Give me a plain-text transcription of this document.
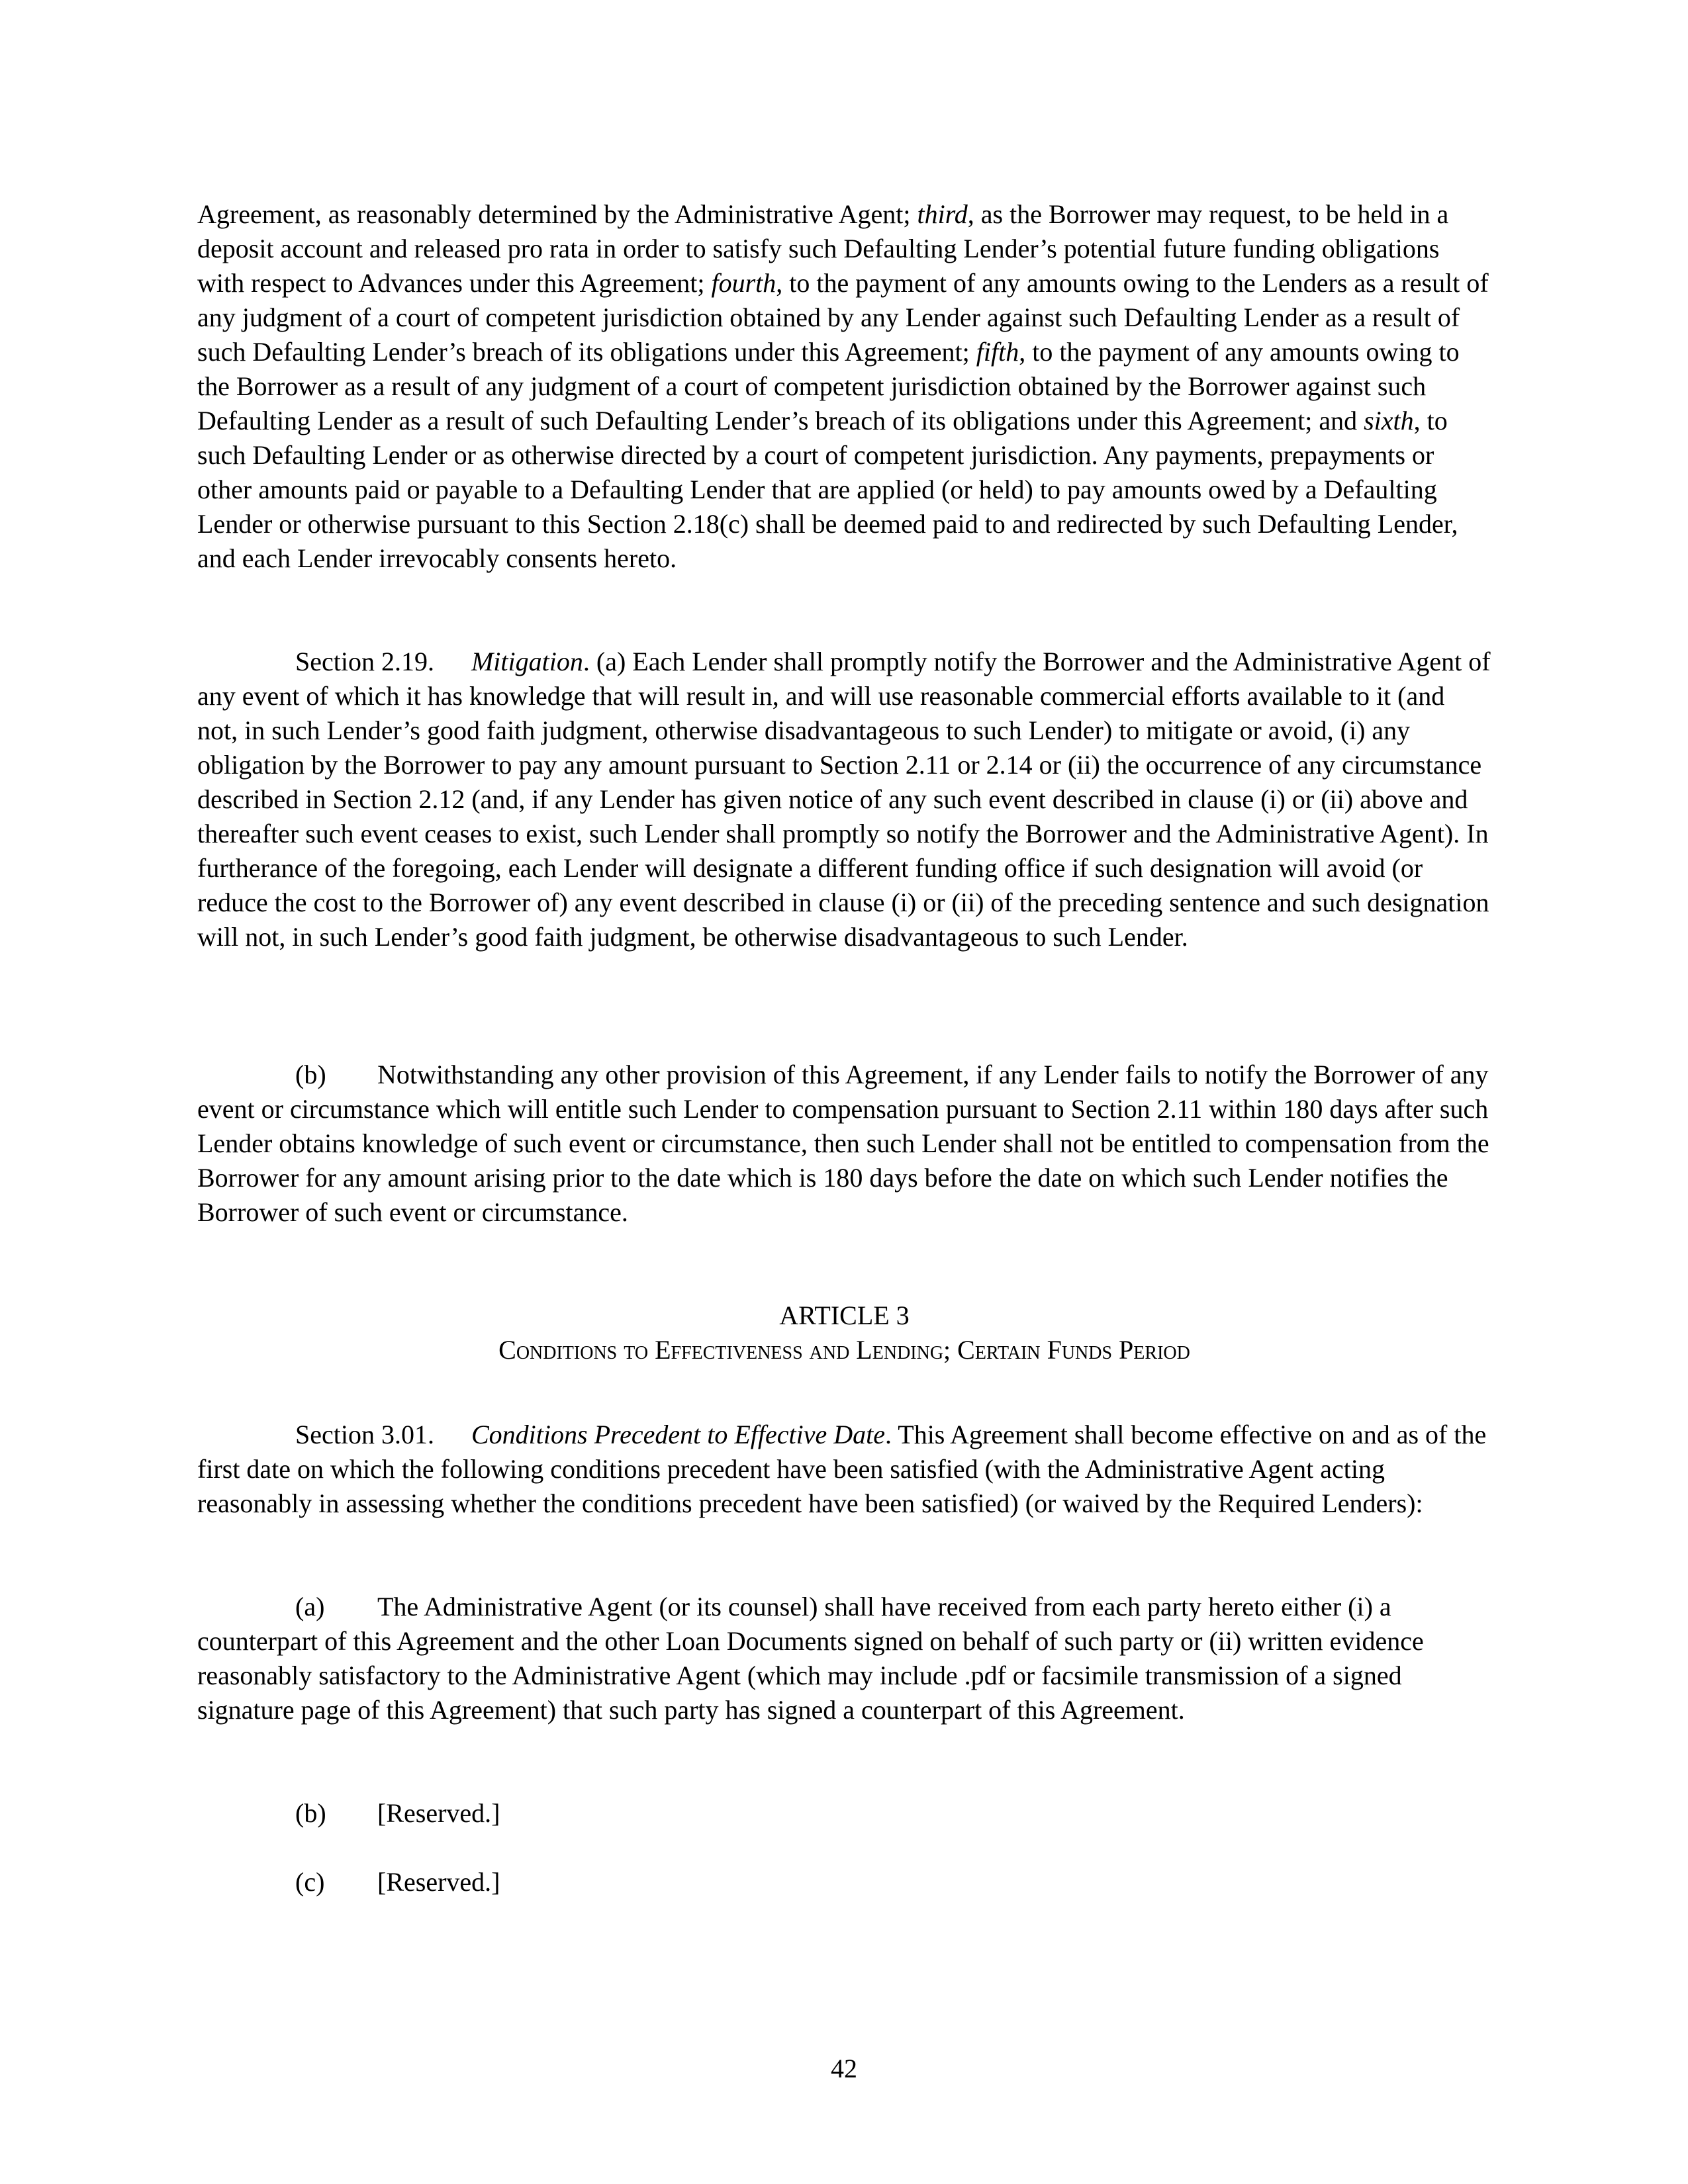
Agreement, as reasonably determined by the Administrative Agent; third, as the Borrower may request, to be held in a deposit account and released pro rata in order to satisfy such Defaulting Lender’s potential future funding obligations with respect to Advances under this Agreement; fourth, to the payment of any amounts owing to the Lenders as a result of any judgment of a court of competent jurisdiction obtained by any Lender against such Defaulting Lender as a result of such Defaulting Lender’s breach of its obligations under this Agreement; fifth, to the payment of any amounts owing to the Borrower as a result of any judgment of a court of competent jurisdiction obtained by the Borrower against such Defaulting Lender as a result of such Defaulting Lender’s breach of its obligations under this Agreement; and sixth, to such Defaulting Lender or as otherwise directed by a court of competent jurisdiction. Any payments, prepayments or other amounts paid or payable to a Defaulting Lender that are applied (or held) to pay amounts owed by a Defaulting Lender or otherwise pursuant to this Section 2.18(c) shall be deemed paid to and redirected by such Defaulting Lender, and each Lender irrevocably consents hereto.

Section 2.19. Mitigation. (a) Each Lender shall promptly notify the Borrower and the Administrative Agent of any event of which it has knowledge that will result in, and will use reasonable commercial efforts available to it (and not, in such Lender’s good faith judgment, otherwise disadvantageous to such Lender) to mitigate or avoid, (i) any obligation by the Borrower to pay any amount pursuant to Section 2.11 or 2.14 or (ii) the occurrence of any circumstance described in Section 2.12 (and, if any Lender has given notice of any such event described in clause (i) or (ii) above and thereafter such event ceases to exist, such Lender shall promptly so notify the Borrower and the Administrative Agent). In furtherance of the foregoing, each Lender will designate a different funding office if such designation will avoid (or reduce the cost to the Borrower of) any event described in clause (i) or (ii) of the preceding sentence and such designation will not, in such Lender’s good faith judgment, be otherwise disadvantageous to such Lender.

(b) Notwithstanding any other provision of this Agreement, if any Lender fails to notify the Borrower of any event or circumstance which will entitle such Lender to compensation pursuant to Section 2.11 within 180 days after such Lender obtains knowledge of such event or circumstance, then such Lender shall not be entitled to compensation from the Borrower for any amount arising prior to the date which is 180 days before the date on which such Lender notifies the Borrower of such event or circumstance.

ARTICLE 3

Conditions to Effectiveness and Lending; Certain Funds Period

Section 3.01. Conditions Precedent to Effective Date. This Agreement shall become effective on and as of the first date on which the following conditions precedent have been satisfied (with the Administrative Agent acting reasonably in assessing whether the conditions precedent have been satisfied) (or waived by the Required Lenders):

(a) The Administrative Agent (or its counsel) shall have received from each party hereto either (i) a counterpart of this Agreement and the other Loan Documents signed on behalf of such party or (ii) written evidence reasonably satisfactory to the Administrative Agent (which may include .pdf or facsimile transmission of a signed signature page of this Agreement) that such party has signed a counterpart of this Agreement.

(b) [Reserved.]

(c) [Reserved.]

42
